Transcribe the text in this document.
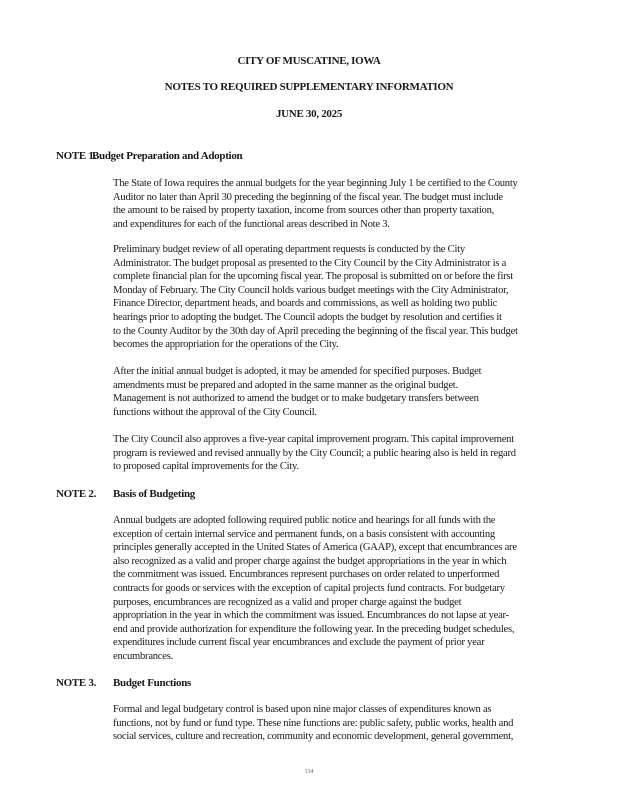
CITY OF MUSCATINE, IOWA
NOTES TO REQUIRED SUPPLEMENTARY INFORMATION
JUNE 30, 2025
NOTE 1.
Budget Preparation and Adoption
The State of Iowa requires the annual budgets for the year beginning July 1 be certified to the County
Auditor no later than April 30 preceding the beginning of the fiscal year. The budget must include
the amount to be raised by property taxation, income from sources other than property taxation,
and expenditures for each of the functional areas described in Note 3.
Preliminary budget review of all operating department requests is conducted by the City
Administrator. The budget proposal as presented to the City Council by the City Administrator is a
complete financial plan for the upcoming fiscal year. The proposal is submitted on or before the first
Monday of February. The City Council holds various budget meetings with the City Administrator,
Finance Director, department heads, and boards and commissions, as well as holding two public
hearings prior to adopting the budget. The Council adopts the budget by resolution and certifies it
to the County Auditor by the 30th day of April preceding the beginning of the fiscal year. This budget
becomes the appropriation for the operations of the City.
After the initial annual budget is adopted, it may be amended for specified purposes. Budget
amendments must be prepared and adopted in the same manner as the original budget.
Management is not authorized to amend the budget or to make budgetary transfers between
functions without the approval of the City Council.
The City Council also approves a five-year capital improvement program. This capital improvement
program is reviewed and revised annually by the City Council; a public hearing also is held in regard
to proposed capital improvements for the City.
NOTE 2. Basis of Budgeting
Annual budgets are adopted following required public notice and hearings for all funds with the
exception of certain internal service and permanent funds, on a basis consistent with accounting
principles generally accepted in the United States of America (GAAP), except that encumbrances are
also recognized as a valid and proper charge against the budget appropriations in the year in which
the commitment was issued. Encumbrances represent purchases on order related to unperformed
contracts for goods or services with the exception of capital projects fund contracts. For budgetary
purposes, encumbrances are recognized as a valid and proper charge against the budget
appropriation in the year in which the commitment was issued. Encumbrances do not lapse at year-
end and provide authorization for expenditure the following year. In the preceding budget schedules,
expenditures include current fiscal year encumbrances and exclude the payment of prior year
encumbrances.
NOTE 3. Budget Functions
Formal and legal budgetary control is based upon nine major classes of expenditures known as
functions, not by fund or fund type. These nine functions are: public safety, public works, health and
social services, culture and recreation, community and economic development, general government,
134
